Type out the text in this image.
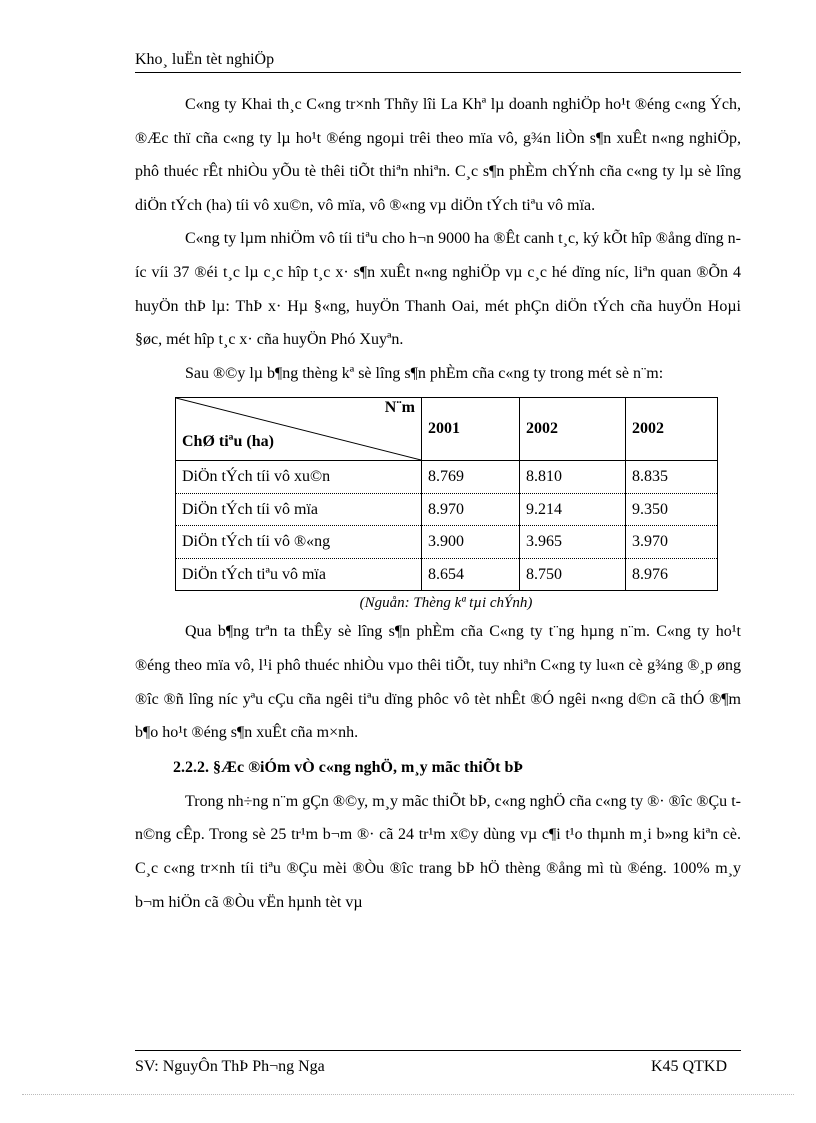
Kho¸ luËn tèt nghiÖp

C«ng ty Khai th¸c C«ng tr×nh Thñy lîi La Khª lµ doanh nghiÖp ho¹t ®éng c«ng Ých, ®Æc thï cña c«ng ty lµ ho¹t ®éng ngoµi trêi theo mïa vô, g¾n liÒn s¶n xuÊt n«ng nghiÖp, phô thuéc rÊt nhiÒu yÕu tè thêi tiÕt thiªn nhiªn. C¸c s¶n phÈm chÝnh cña c«ng ty lµ sè lîng diÖn tÝch (ha) tíi vô xu©n, vô mïa, vô ®«ng vµ diÖn tÝch tiªu vô mïa.

C«ng ty lµm nhiÖm vô tíi tiªu cho h¬n 9000 ha ®Êt canh t¸c, ký kÕt hîp ®ång dïng níc víi 37 ®éi t¸c lµ c¸c hîp t¸c x· s¶n xuÊt n«ng nghiÖp vµ c¸c hé dïng níc, liªn quan ®Õn 4 huyÖn thÞ lµ: ThÞ x· Hµ §«ng, huyÖn Thanh Oai, mét phÇn diÖn tÝch cña huyÖn Hoµi §øc, mét hîp t¸c x· cña huyÖn Phó Xuyªn.

Sau ®©y lµ b¶ng thèng kª sè lîng s¶n phÈm cña c«ng ty trong mét sè n¨m:

N¨m
ChØ tiªu (ha)	2001	2002	2002
DiÖn tÝch tíi vô xu©n	8.769	8.810	8.835
DiÖn tÝch tíi vô mïa	8.970	9.214	9.350
DiÖn tÝch tíi vô ®«ng	3.900	3.965	3.970
DiÖn tÝch tiªu vô mïa	8.654	8.750	8.976
(Nguån: Thèng kª tµi chÝnh)

Qua b¶ng trªn ta thÊy sè lîng s¶n phÈm cña C«ng ty t¨ng hµng n¨m. C«ng ty ho¹t ®éng theo mïa vô, l¹i phô thuéc nhiÒu vµo thêi tiÕt, tuy nhiªn C«ng ty lu«n cè g¾ng ®¸p øng ®îc ®ñ lîng níc yªu cÇu cña ngêi tiªu dïng phôc vô tèt nhÊt ®Ó ngêi n«ng d©n cã thÓ ®¶m b¶o ho¹t ®éng s¶n xuÊt cña m×nh.

2.2.2. §Æc ®iÓm vÒ c«ng nghÖ, m¸y mãc thiÕt bÞ

Trong nh÷ng n¨m gÇn ®©y, m¸y mãc thiÕt bÞ, c«ng nghÖ cña c«ng ty ®· ®îc ®Çu t n©ng cÊp. Trong sè 25 tr¹m b¬m ®· cã 24 tr¹m x©y dùng vµ c¶i t¹o thµnh m¸i b»ng kiªn cè. C¸c c«ng tr×nh tíi tiªu ®Çu mèi ®Òu ®îc trang bÞ hÖ thèng ®ång mì tù ®éng. 100% m¸y b¬m hiÖn cã ®Òu vËn hµnh tèt vµ

SV: NguyÔn ThÞ Ph¬ng Nga	K45 QTKD
